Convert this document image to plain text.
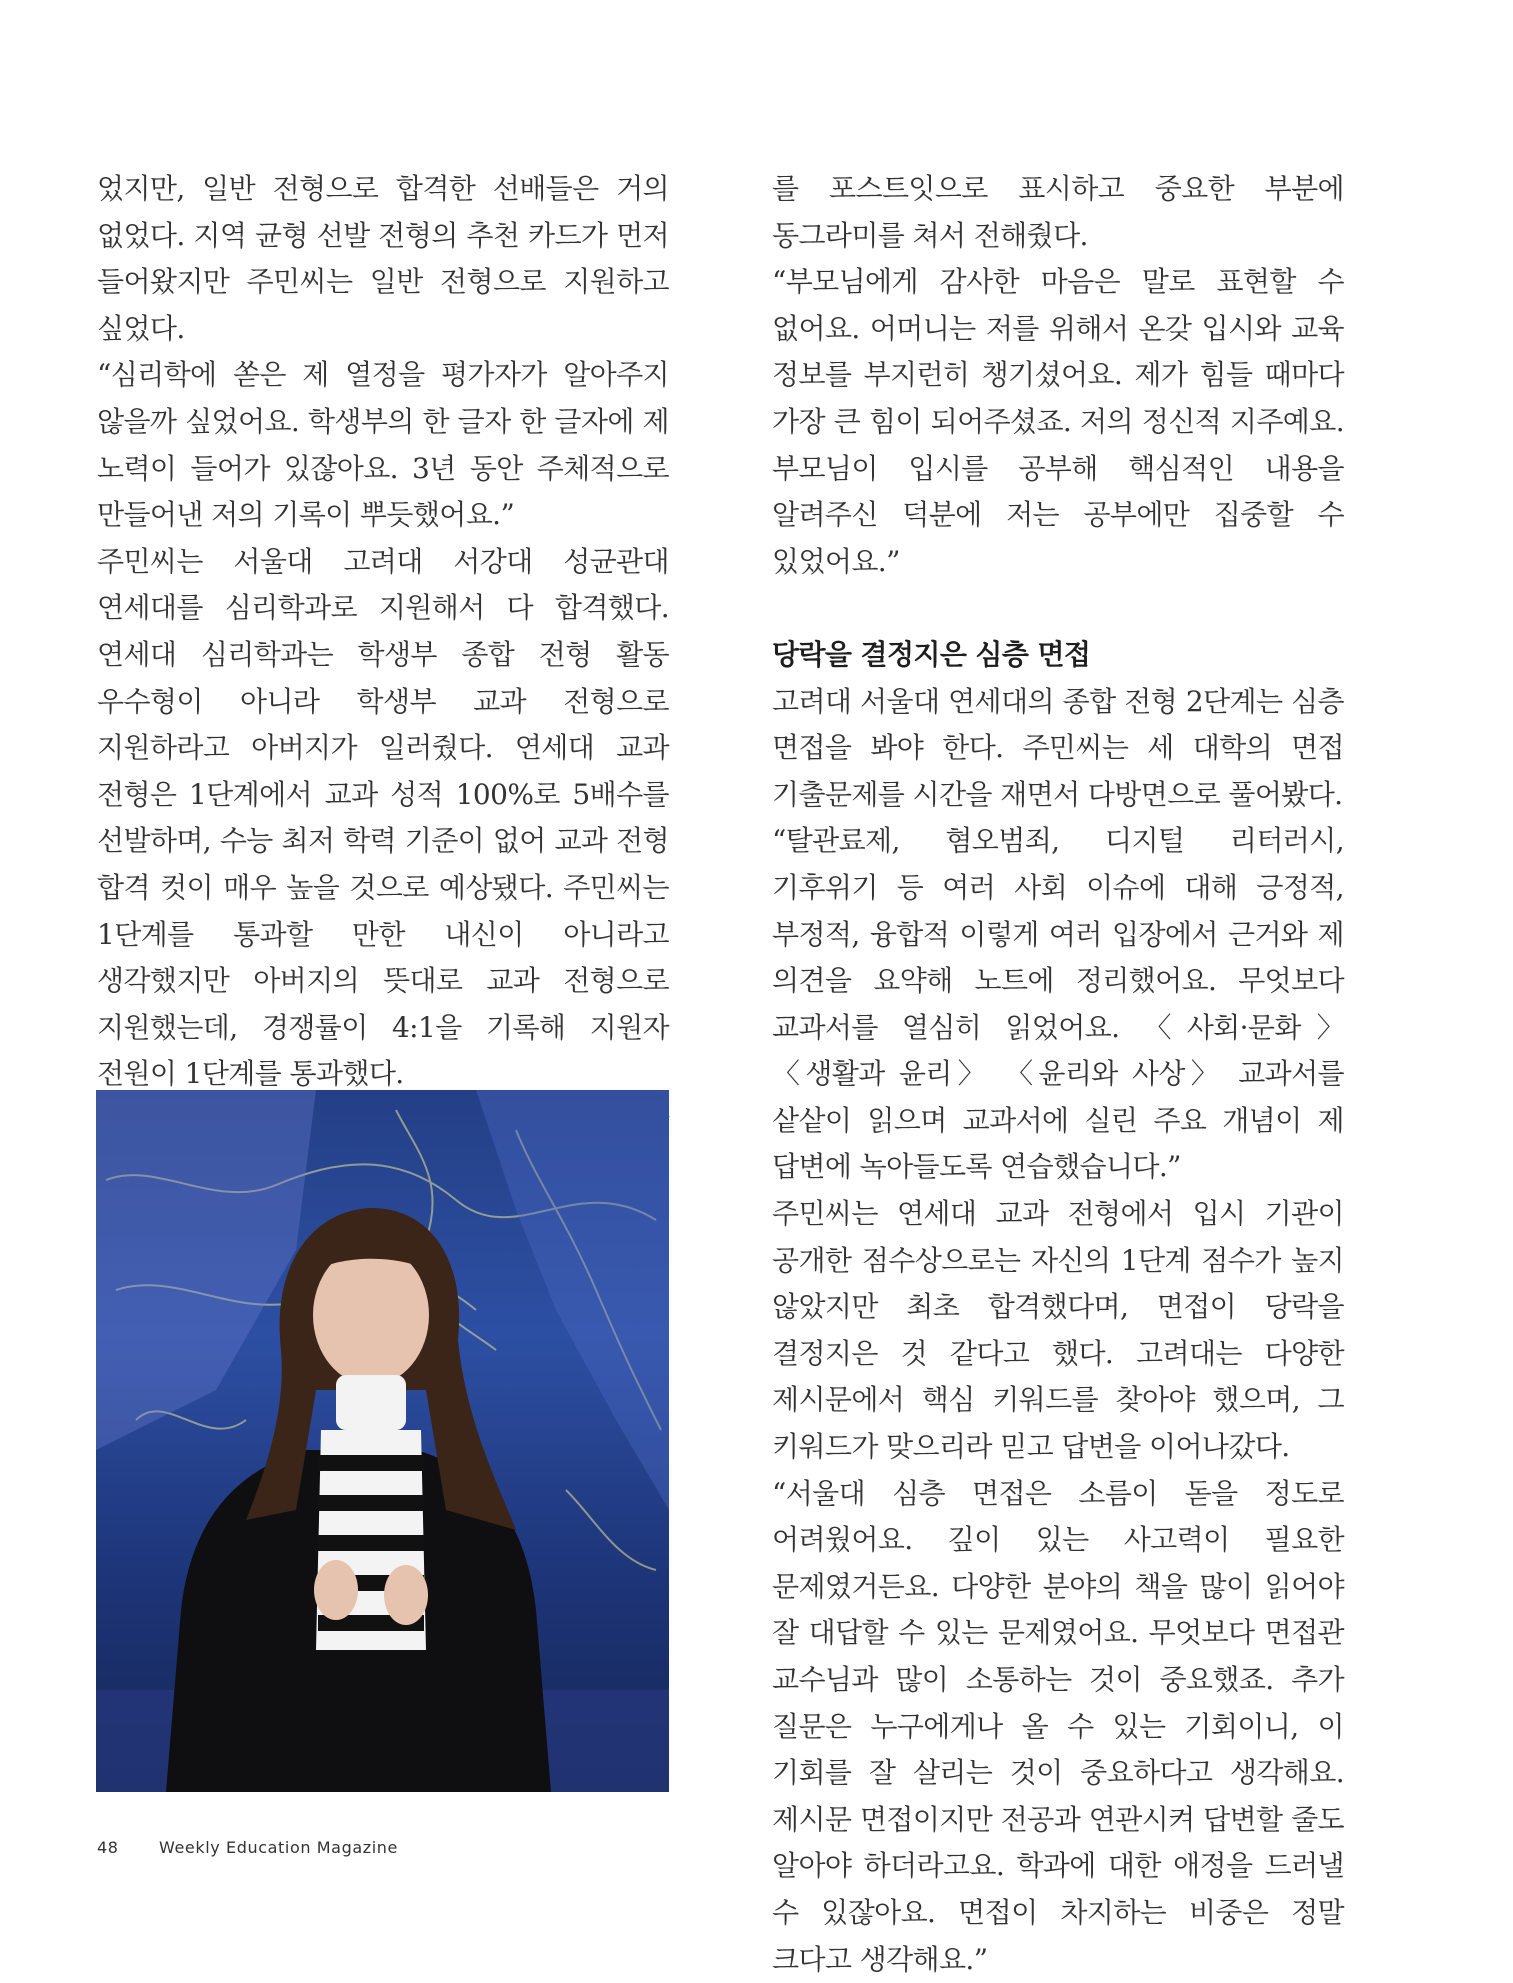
었지만, 일반 전형으로 합격한 선배들은 거의 없었다. 지역 균형 선발 전형의 추천 카드가 먼저 들어왔지만 주민씨는 일반 전형으로 지원하고 싶었다.

“심리학에 쏟은 제 열정을 평가자가 알아주지 않을까 싶었어요. 학생부의 한 글자 한 글자에 제 노력이 들어가 있잖아요. 3년 동안 주체적으로 만들어낸 저의 기록이 뿌듯했어요.”

주민씨는 서울대 고려대 서강대 성균관대 연세대를 심리학과로 지원해서 다 합격했다. 연세대 심리학과는 학생부 종합 전형 활동 우수형이 아니라 학생부 교과 전형으로 지원하라고 아버지가 일러줬다. 연세대 교과 전형은 1단계에서 교과 성적 100%로 5배수를 선발하며, 수능 최저 학력 기준이 없어 교과 전형 합격 컷이 매우 높을 것으로 예상됐다. 주민씨는 1단계를 통과할 만한 내신이 아니라고 생각했지만 아버지의 뜻대로 교과 전형으로 지원했는데, 경쟁률이 4:1을 기록해 지원자 전원이 1단계를 통과했다.

를 포스트잇으로 표시하고 중요한 부분에 동그라미를 쳐서 전해줬다.

“부모님에게 감사한 마음은 말로 표현할 수 없어요. 어머니는 저를 위해서 온갖 입시와 교육 정보를 부지런히 챙기셨어요. 제가 힘들 때마다 가장 큰 힘이 되어주셨죠. 저의 정신적 지주예요. 부모님이 입시를 공부해 핵심적인 내용을 알려주신 덕분에 저는 공부에만 집중할 수 있었어요.”

당락을 결정지은 심층 면접

고려대 서울대 연세대의 종합 전형 2단계는 심층 면접을 봐야 한다. 주민씨는 세 대학의 면접 기출문제를 시간을 재면서 다방면으로 풀어봤다.

“탈관료제, 혐오범죄, 디지털 리터러시, 기후위기 등 여러 사회 이슈에 대해 긍정적, 부정적, 융합적 이렇게 여러 입장에서 근거와 제 의견을 요약해 노트에 정리했어요. 무엇보다 교과서를 열심히 읽었어요. 〈사회·문화〉 〈생활과 윤리〉 〈윤리와 사상〉 교과서를 샅샅이 읽으며 교과서에 실린 주요 개념이 제 답변에 녹아들도록 연습했습니다.”

주민씨는 연세대 교과 전형에서 입시 기관이 공개한 점수상으로는 자신의 1단계 점수가 높지 않았지만 최초 합격했다며, 면접이 당락을 결정지은 것 같다고 했다. 고려대는 다양한 제시문에서 핵심 키워드를 찾아야 했으며, 그 키워드가 맞으리라 믿고 답변을 이어나갔다.

“서울대 심층 면접은 소름이 돋을 정도로 어려웠어요. 깊이 있는 사고력이 필요한 문제였거든요. 다양한 분야의 책을 많이 읽어야 잘 대답할 수 있는 문제였어요. 무엇보다 면접관 교수님과 많이 소통하는 것이 중요했죠. 추가 질문은 누구에게나 올 수 있는 기회이니, 이 기회를 잘 살리는 것이 중요하다고 생각해요. 제시문 면접이지만 전공과 연관시켜 답변할 줄도 알아야 하더라고요. 학과에 대한 애정을 드러낼 수 있잖아요. 면접이 차지하는 비중은 정말 크다고 생각해요.”

48	Weekly Education Magazine
